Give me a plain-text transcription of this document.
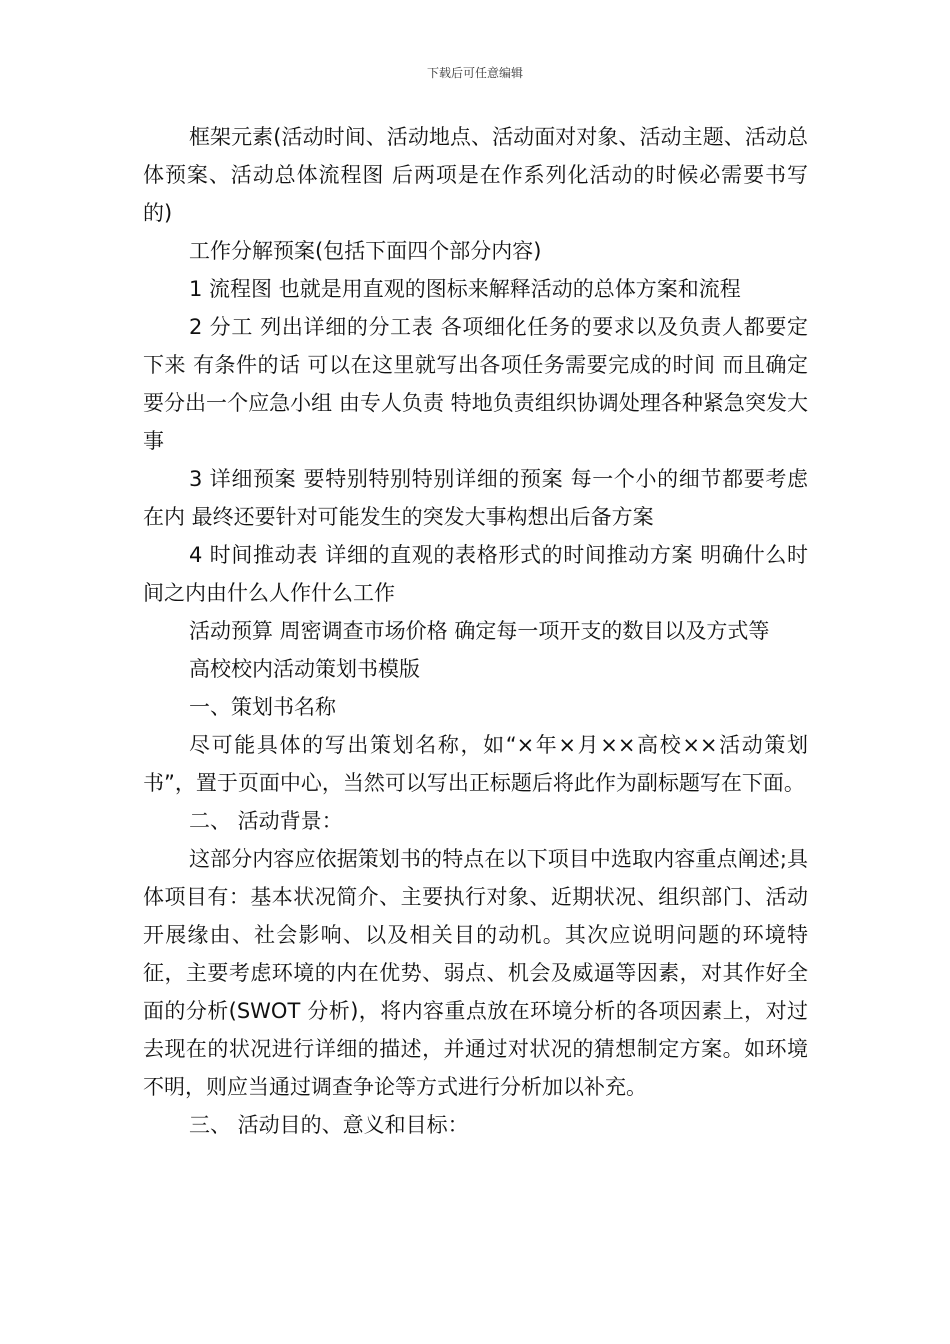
下载后可任意编辑

框架元素(活动时间、活动地点、活动面对对象、活动主题、活动总体预案、活动总体流程图 后两项是在作系列化活动的时候必需要书写的)

工作分解预案(包括下面四个部分内容)

1 流程图 也就是用直观的图标来解释活动的总体方案和流程

2 分工 列出详细的分工表 各项细化任务的要求以及负责人都要定下来 有条件的话 可以在这里就写出各项任务需要完成的时间 而且确定要分出一个应急小组 由专人负责 特地负责组织协调处理各种紧急突发大事

3 详细预案 要特别特别特别详细的预案 每一个小的细节都要考虑在内 最终还要针对可能发生的突发大事构想出后备方案

4 时间推动表 详细的直观的表格形式的时间推动方案 明确什么时间之内由什么人作什么工作

活动预算 周密调查市场价格 确定每一项开支的数目以及方式等

高校校内活动策划书模版

一、策划书名称

尽可能具体的写出策划名称，如“×年×月××高校××活动策划书”，置于页面中心，当然可以写出正标题后将此作为副标题写在下面。

二、 活动背景：

这部分内容应依据策划书的特点在以下项目中选取内容重点阐述;具体项目有：基本状况简介、主要执行对象、近期状况、组织部门、活动开展缘由、社会影响、以及相关目的动机。其次应说明问题的环境特征，主要考虑环境的内在优势、弱点、机会及威逼等因素，对其作好全面的分析(SWOT 分析)，将内容重点放在环境分析的各项因素上，对过去现在的状况进行详细的描述，并通过对状况的猜想制定方案。如环境不明，则应当通过调查争论等方式进行分析加以补充。

三、 活动目的、意义和目标：
